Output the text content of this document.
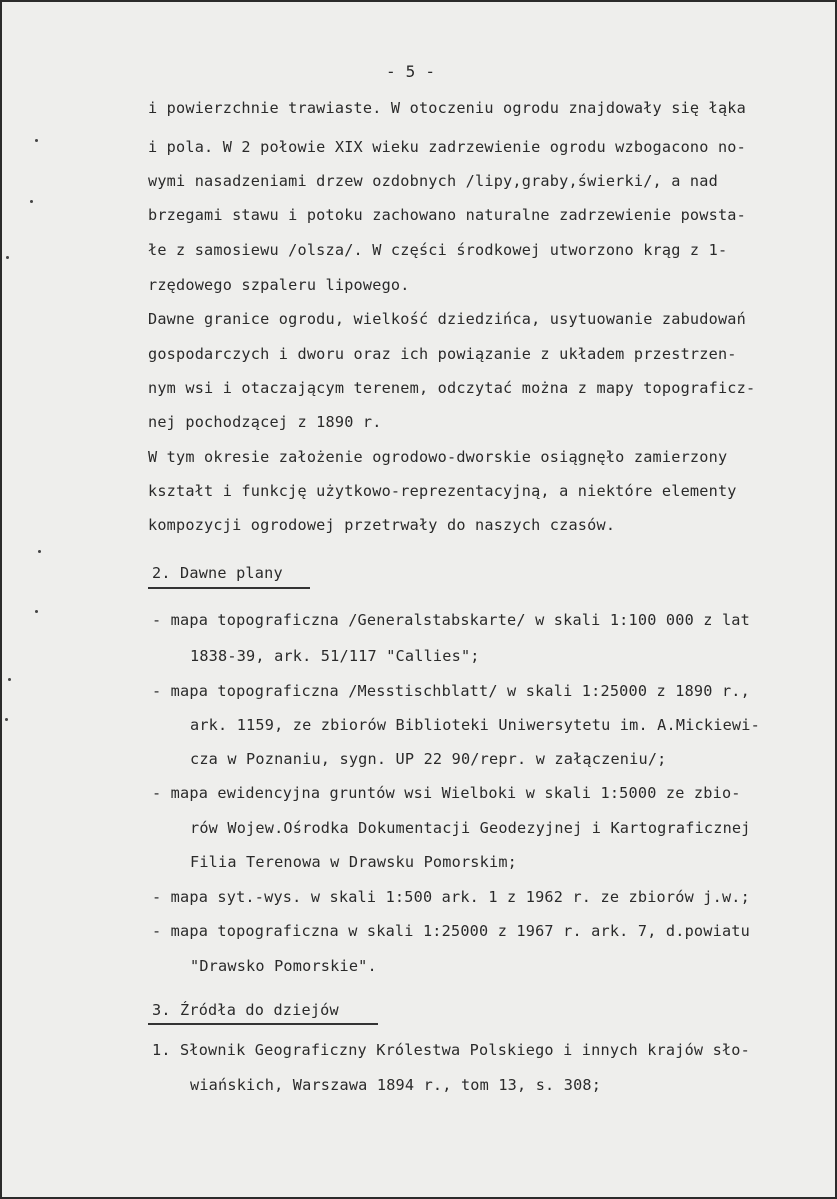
- 5 -
i powierzchnie trawiaste. W otoczeniu ogrodu znajdowały się łąka
i pola. W 2 połowie XIX wieku zadrzewienie ogrodu wzbogacono no-
wymi nasadzeniami drzew ozdobnych /lipy,graby,świerki/, a nad
brzegami stawu i potoku zachowano naturalne zadrzewienie powsta-
łe z samosiewu /olsza/. W części środkowej utworzono krąg z 1-
rzędowego szpaleru lipowego.
Dawne granice ogrodu, wielkość dziedzińca, usytuowanie zabudowań
gospodarczych i dworu oraz ich powiązanie z układem przestrzen-
nym wsi i otaczającym terenem, odczytać można z mapy topograficz-
nej pochodzącej z 1890 r.
W tym okresie założenie ogrodowo-dworskie osiągnęło zamierzony
kształt i funkcję użytkowo-reprezentacyjną, a niektóre elementy
kompozycji ogrodowej przetrwały do naszych czasów.
2. Dawne plany
- mapa topograficzna /Generalstabskarte/ w skali 1:100 000 z lat
1838-39, ark. 51/117 "Callies";
- mapa topograficzna /Messtischblatt/ w skali 1:25000 z 1890 r.,
ark. 1159, ze zbiorów Biblioteki Uniwersytetu im. A.Mickiewi-
cza w Poznaniu, sygn. UP 22 90/repr. w załączeniu/;
- mapa ewidencyjna gruntów wsi Wielboki w skali 1:5000 ze zbio-
rów Wojew.Ośrodka Dokumentacji Geodezyjnej i Kartograficznej
Filia Terenowa w Drawsku Pomorskim;
- mapa syt.-wys. w skali 1:500 ark. 1 z 1962 r. ze zbiorów j.w.;
- mapa topograficzna w skali 1:25000 z 1967 r. ark. 7, d.powiatu
"Drawsko Pomorskie".
3. Źródła do dziejów
1. Słownik Geograficzny Królestwa Polskiego i innych krajów sło-
wiańskich, Warszawa 1894 r., tom 13, s. 308;
